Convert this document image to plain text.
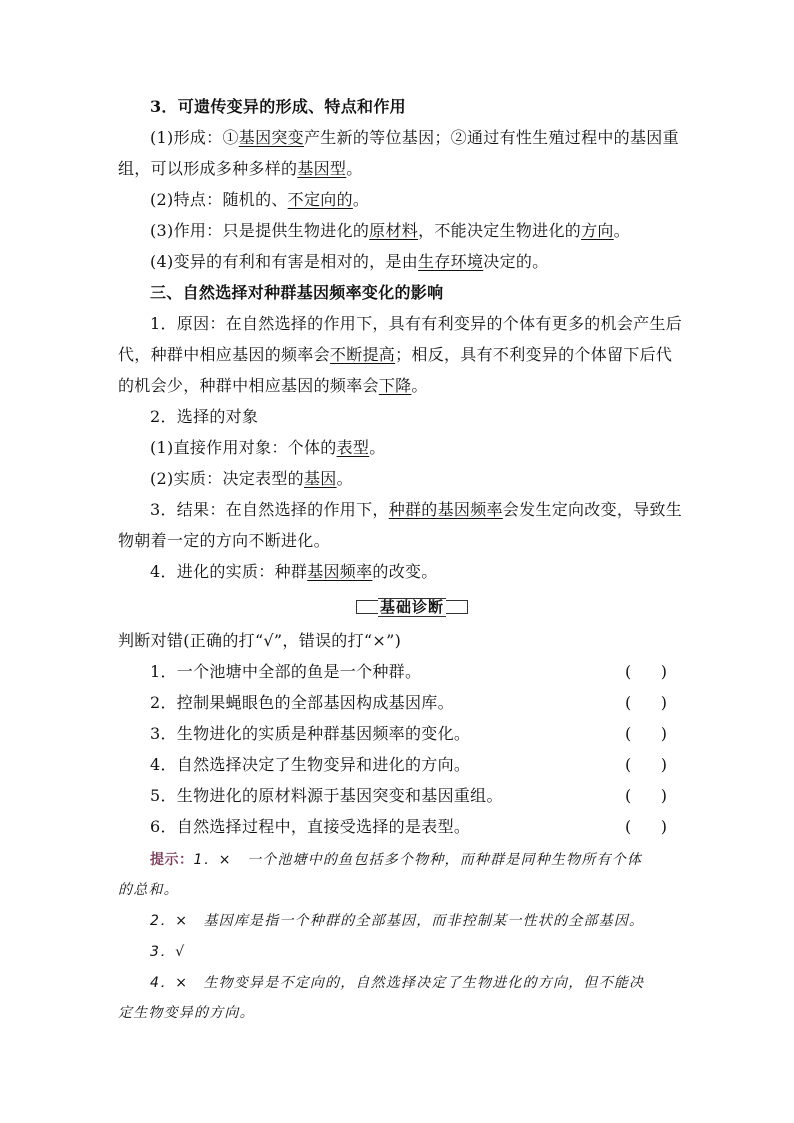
3．可遗传变异的形成、特点和作用
(1)形成：①基因突变产生新的等位基因；②通过有性生殖过程中的基因重
组，可以形成多种多样的基因型。
(2)特点：随机的、不定向的。
(3)作用：只是提供生物进化的原材料，不能决定生物进化的方向。
(4)变异的有利和有害是相对的，是由生存环境决定的。
三、自然选择对种群基因频率变化的影响
1．原因：在自然选择的作用下，具有有利变异的个体有更多的机会产生后
代，种群中相应基因的频率会不断提高；相反，具有不利变异的个体留下后代
的机会少，种群中相应基因的频率会下降。
2．选择的对象
(1)直接作用对象：个体的表型。
(2)实质：决定表型的基因。
3．结果：在自然选择的作用下，种群的基因频率会发生定向改变，导致生
物朝着一定的方向不断进化。
4．进化的实质：种群基因频率的改变。
基础诊断
判断对错(正确的打“√”，错误的打“×”)
1．一个池塘中全部的鱼是一个种群。	( )
2．控制果蝇眼色的全部基因构成基因库。	( )
3．生物进化的实质是种群基因频率的变化。	( )
4．自然选择决定了生物变异和进化的方向。	( )
5．生物进化的原材料源于基因突变和基因重组。	( )
6．自然选择过程中，直接受选择的是表型。	( )
提示：1．×　一个池塘中的鱼包括多个物种，而种群是同种生物所有个体
的总和。
2．×　基因库是指一个种群的全部基因，而非控制某一性状的全部基因。
3．√
4．×　生物变异是不定向的，自然选择决定了生物进化的方向，但不能决
定生物变异的方向。
